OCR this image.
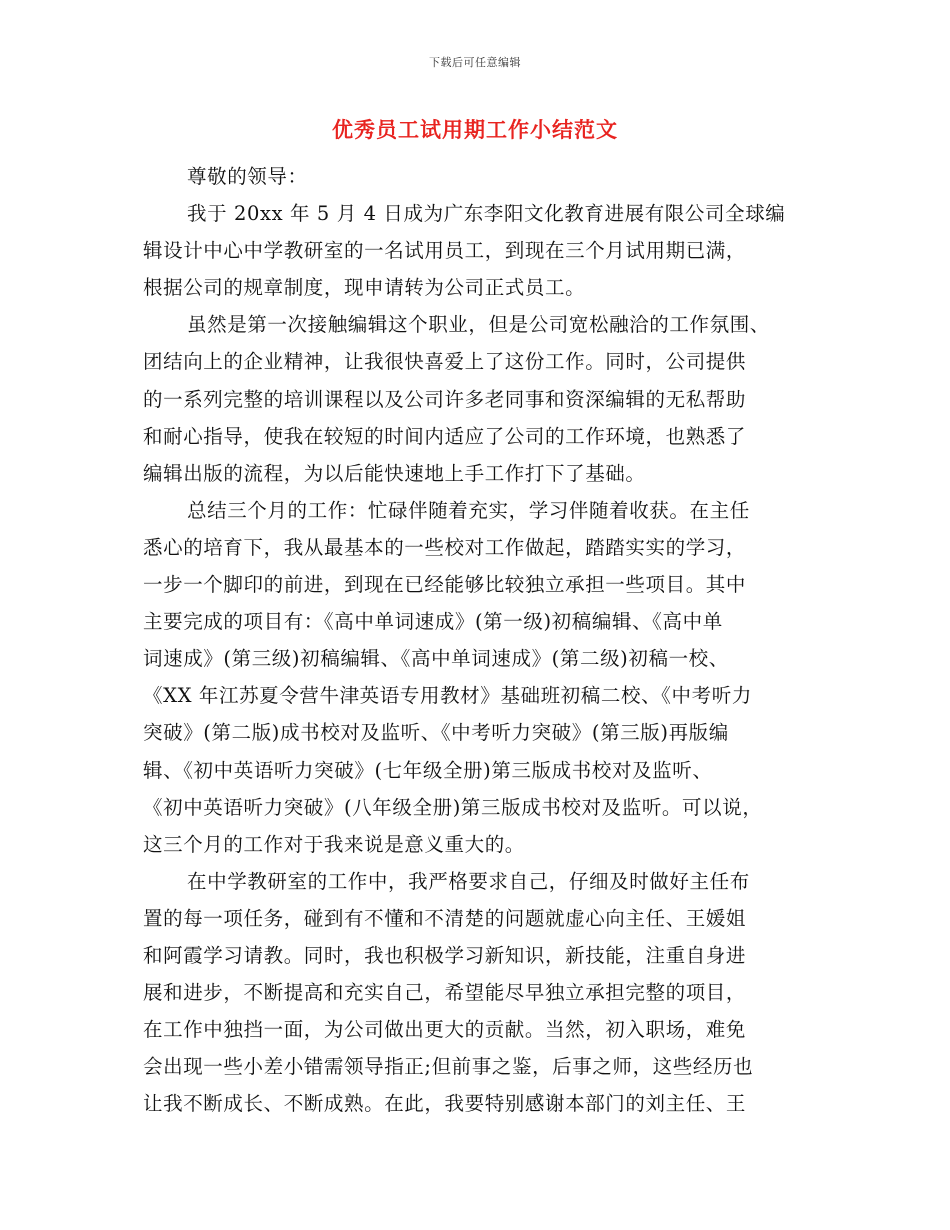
下载后可任意编辑
优秀员工试用期工作小结范文
尊敬的领导：
我于 20xx 年 5 月 4 日成为广东李阳文化教育进展有限公司全球编
辑设计中心中学教研室的一名试用员工，到现在三个月试用期已满，
根据公司的规章制度，现申请转为公司正式员工。
虽然是第一次接触编辑这个职业，但是公司宽松融洽的工作氛围、
团结向上的企业精神，让我很快喜爱上了这份工作。同时，公司提供
的一系列完整的培训课程以及公司许多老同事和资深编辑的无私帮助
和耐心指导，使我在较短的时间内适应了公司的工作环境，也熟悉了
编辑出版的流程，为以后能快速地上手工作打下了基础。
总结三个月的工作：忙碌伴随着充实，学习伴随着收获。在主任
悉心的培育下，我从最基本的一些校对工作做起，踏踏实实的学习，
一步一个脚印的前进，到现在已经能够比较独立承担一些项目。其中
主要完成的项目有：《高中单词速成》(第一级)初稿编辑、《高中单
词速成》(第三级)初稿编辑、《高中单词速成》(第二级)初稿一校、
《XX 年江苏夏令营牛津英语专用教材》基础班初稿二校、《中考听力
突破》(第二版)成书校对及监听、《中考听力突破》(第三版)再版编
辑、《初中英语听力突破》(七年级全册)第三版成书校对及监听、
《初中英语听力突破》(八年级全册)第三版成书校对及监听。可以说，
这三个月的工作对于我来说是意义重大的。
在中学教研室的工作中，我严格要求自己，仔细及时做好主任布
置的每一项任务，碰到有不懂和不清楚的问题就虚心向主任、王媛姐
和阿霞学习请教。同时，我也积极学习新知识，新技能，注重自身进
展和进步，不断提高和充实自己，希望能尽早独立承担完整的项目，
在工作中独挡一面，为公司做出更大的贡献。当然，初入职场，难免
会出现一些小差小错需领导指正;但前事之鉴，后事之师，这些经历也
让我不断成长、不断成熟。在此，我要特别感谢本部门的刘主任、王
